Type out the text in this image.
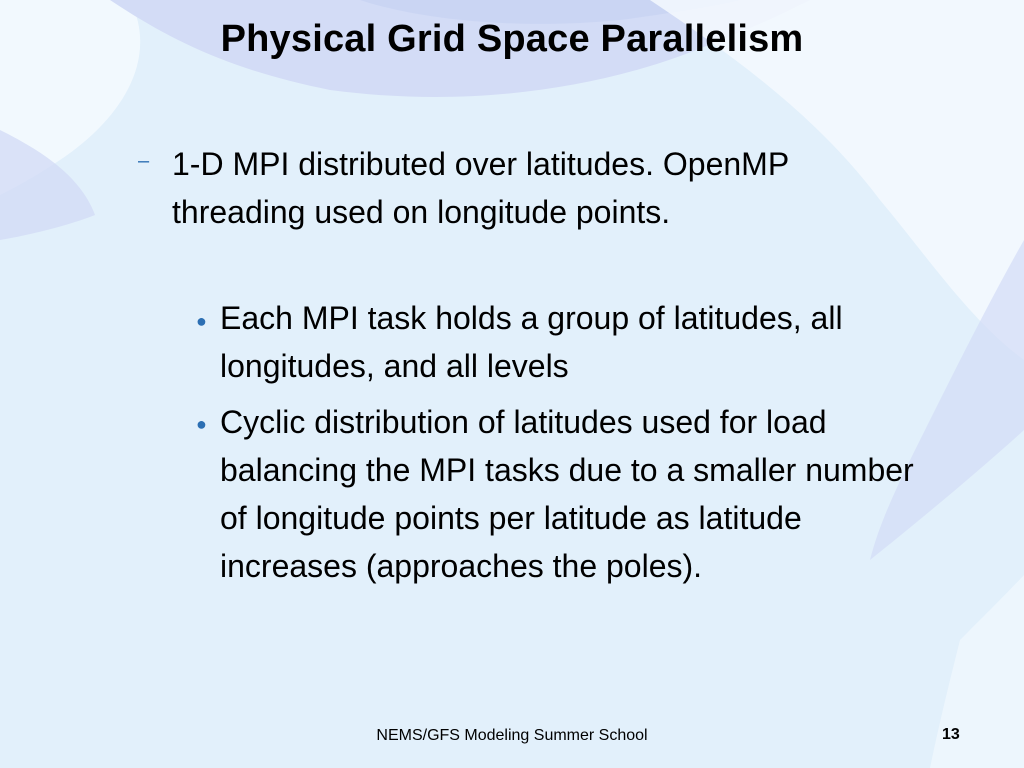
Physical Grid Space Parallelism
– 1-D MPI distributed over latitudes. OpenMP threading used on longitude points.

● Each MPI task holds a group of latitudes, all longitudes, and all levels

● Cyclic distribution of latitudes used for load balancing the MPI tasks due to a smaller number of longitude points per latitude as latitude increases (approaches the poles).

NEMS/GFS Modeling Summer School	13
